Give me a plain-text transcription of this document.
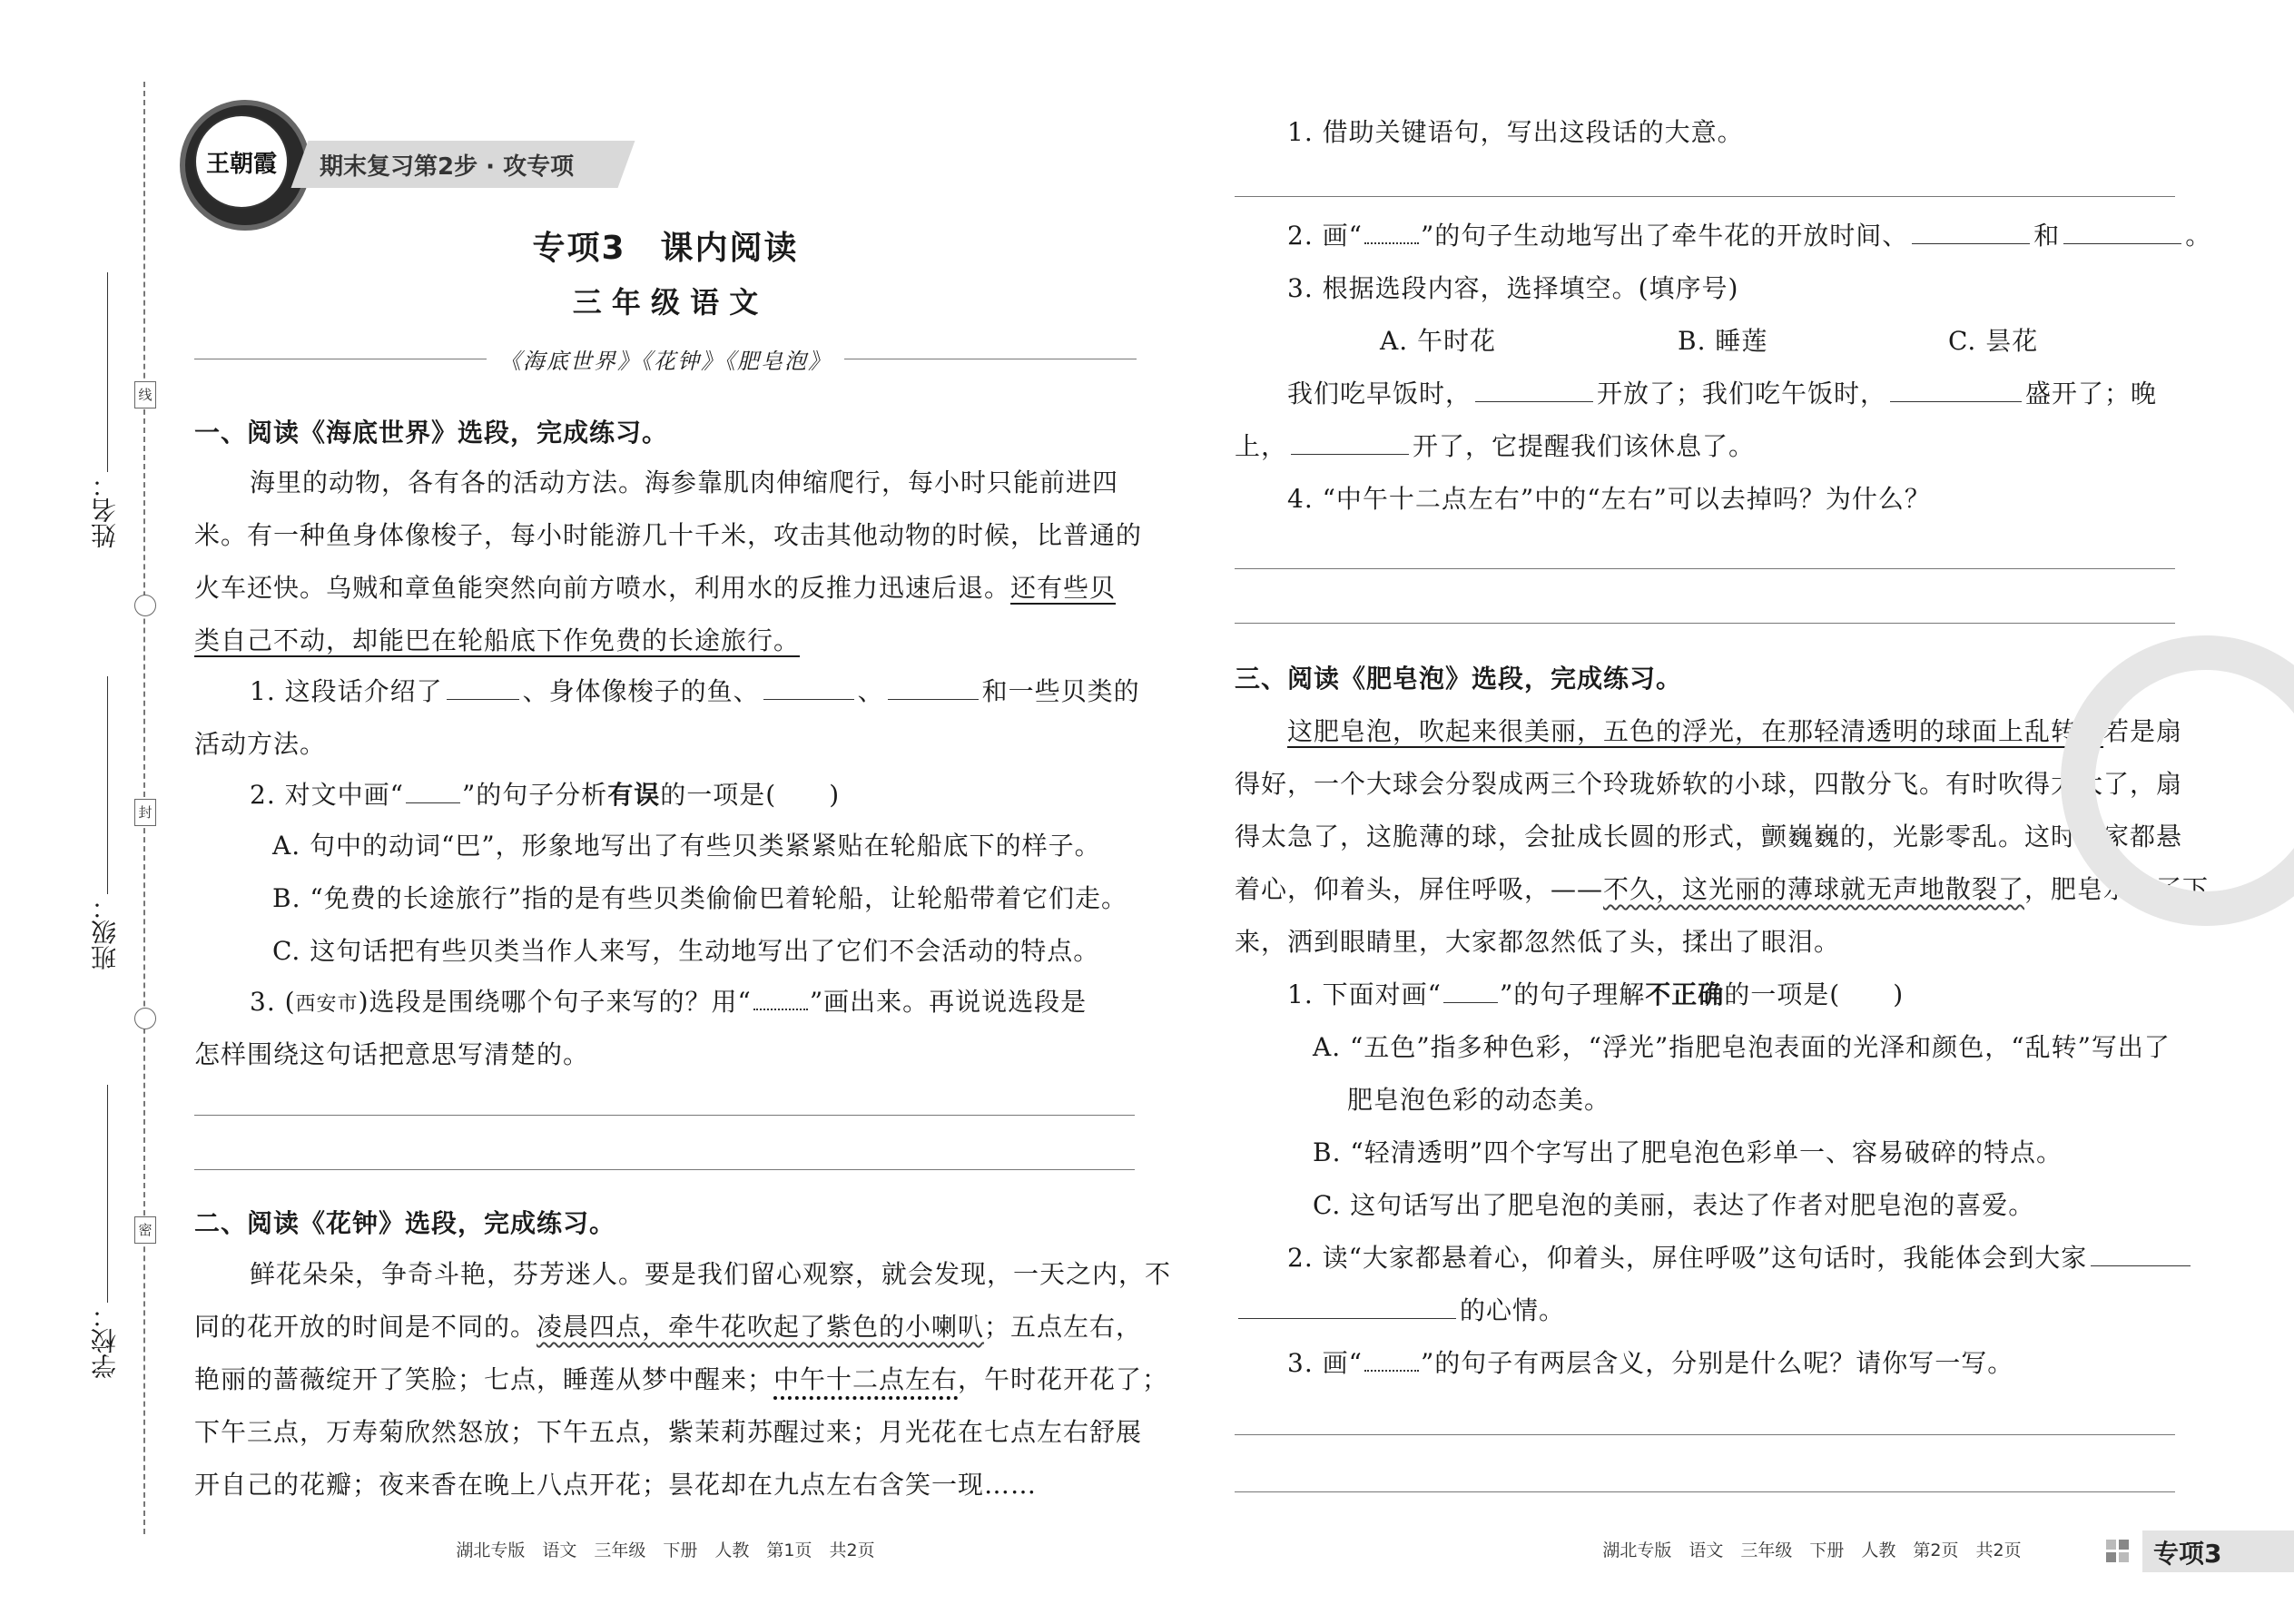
姓名：
班级：
学校：
线
封
密
王朝霞	期末复习第2步 · 攻专项
专项3　课内阅读
三 年 级 语 文
《海底世界》《花钟》《肥皂泡》
一、阅读《海底世界》选段，完成练习。
海里的动物，各有各的活动方法。海参靠肌肉伸缩爬行，每小时只能前进四
米。有一种鱼身体像梭子，每小时能游几十千米，攻击其他动物的时候，比普通的
火车还快。乌贼和章鱼能突然向前方喷水，利用水的反推力迅速后退。还有些贝
类自己不动，却能巴在轮船底下作免费的长途旅行。
1. 这段话介绍了	、身体像梭子的鱼、	、	和一些贝类的
活动方法。
2. 对文中画“ ”的句子分析有误的一项是(　　)
A. 句中的动词“巴”，形象地写出了有些贝类紧紧贴在轮船底下的样子。
B. “免费的长途旅行”指的是有些贝类偷偷巴着轮船，让轮船带着它们走。
C. 这句话把有些贝类当作人来写，生动地写出了它们不会活动的特点。
3. (西安市)选段是围绕哪个句子来写的？用“ ”画出来。再说说选段是
怎样围绕这句话把意思写清楚的。
二、阅读《花钟》选段，完成练习。
鲜花朵朵，争奇斗艳，芬芳迷人。要是我们留心观察，就会发现，一天之内，不
同的花开放的时间是不同的。凌晨四点，牵牛花吹起了紫色的小喇叭；五点左右，
艳丽的蔷薇绽开了笑脸；七点，睡莲从梦中醒来；中午十二点左右，午时花开花了；
下午三点，万寿菊欣然怒放；下午五点，紫茉莉苏醒过来；月光花在七点左右舒展
开自己的花瓣；夜来香在晚上八点开花；昙花却在九点左右含笑一现……
湖北专版　语文　三年级　下册　人教　第1页　共2页
1. 借助关键语句，写出这段话的大意。
2. 画“ ”的句子生动地写出了牵牛花的开放时间、	和	。
3. 根据选段内容，选择填空。(填序号)
A. 午时花	B. 睡莲	C. 昙花
我们吃早饭时，	开放了；我们吃午饭时，	盛开了；晚
上，	开了，它提醒我们该休息了。
4. “中午十二点左右”中的“左右”可以去掉吗？为什么？
三、阅读《肥皂泡》选段，完成练习。
这肥皂泡，吹起来很美丽，五色的浮光，在那轻清透明的球面上乱转。若是扇
得好，一个大球会分裂成两三个玲珑娇软的小球，四散分飞。有时吹得太大了，扇
得太急了，这脆薄的球，会扯成长圆的形式，颤巍巍的，光影零乱。这时大家都悬
着心，仰着头，屏住呼吸，——不久，这光丽的薄球就无声地散裂了，肥皂水落了下
来，洒到眼睛里，大家都忽然低了头，揉出了眼泪。
1. 下面对画“ ”的句子理解不正确的一项是(　　)
A. “五色”指多种色彩，“浮光”指肥皂泡表面的光泽和颜色，“乱转”写出了
肥皂泡色彩的动态美。
B. “轻清透明”四个字写出了肥皂泡色彩单一、容易破碎的特点。
C. 这句话写出了肥皂泡的美丽，表达了作者对肥皂泡的喜爱。
2. 读“大家都悬着心，仰着头，屏住呼吸”这句话时，我能体会到大家
的心情。
3. 画“ ”的句子有两层含义，分别是什么呢？请你写一写。
湖北专版　语文　三年级　下册　人教　第2页　共2页	专项3
